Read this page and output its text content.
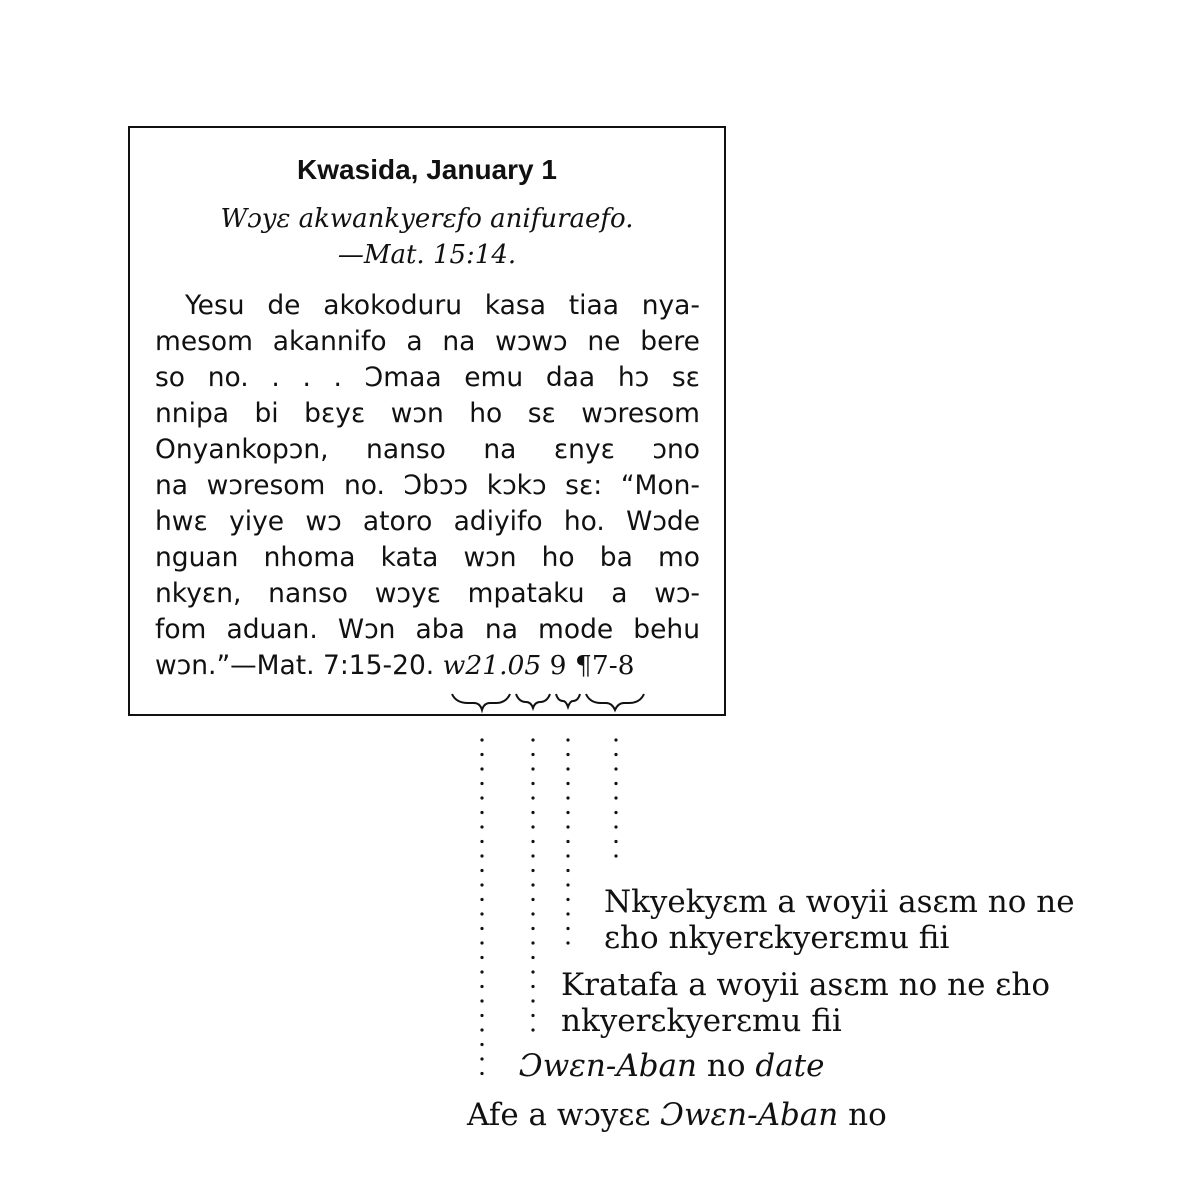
Kwasida, January 1
Wɔyɛ akwankyerɛfo anifuraefo.
—Mat. 15:14.
Yesu de akokoduru kasa tiaa nya-
mesom akannifo a na wɔwɔ ne bere
so no. . . . Ɔmaa emu daa hɔ sɛ
nnipa bi bɛyɛ wɔn ho sɛ wɔresom
Onyankopɔn, nanso na ɛnyɛ ɔno
na wɔresom no. Ɔbɔɔ kɔkɔ sɛ: “Mon-
hwɛ yiye wɔ atoro adiyifo ho. Wɔde
nguan nhoma kata wɔn ho ba mo
nkyɛn, nanso wɔyɛ mpataku a wɔ-
fom aduan. Wɔn aba na mode behu
wɔn.”—Mat. 7:15-20. w21.05 9 ¶7-8
Nkyekyɛm a woyii asɛm no ne
ɛho nkyerɛkyerɛmu fii
Kratafa a woyii asɛm no ne ɛho
nkyerɛkyerɛmu fii
Ɔwɛn-Aban no date
Afe a wɔyɛɛ Ɔwɛn-Aban no
